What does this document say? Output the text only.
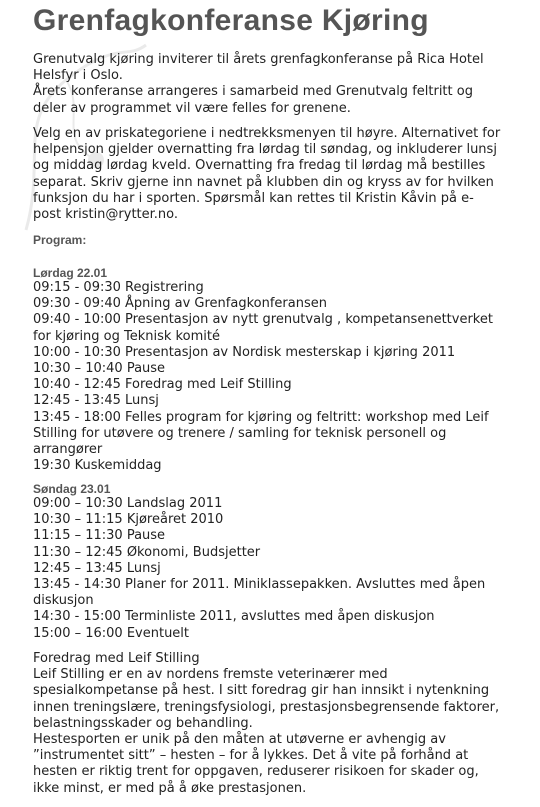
Grenfagkonferanse Kjøring
Grenutvalg kjøring inviterer til årets grenfagkonferanse på Rica Hotel
Helsfyr i Oslo.
Årets konferanse arrangeres i samarbeid med Grenutvalg feltritt og
deler av programmet vil være felles for grenene.
Velg en av priskategoriene i nedtrekksmenyen til høyre. Alternativet for
helpensjon gjelder overnatting fra lørdag til søndag, og inkluderer lunsj
og middag lørdag kveld. Overnatting fra fredag til lørdag må bestilles
separat. Skriv gjerne inn navnet på klubben din og kryss av for hvilken
funksjon du har i sporten. Spørsmål kan rettes til Kristin Kåvin på e-
post kristin@rytter.no.
Program:
Lørdag 22.01
09:15 - 09:30 Registrering
09:30 - 09:40 Åpning av Grenfagkonferansen
09:40 - 10:00 Presentasjon av nytt grenutvalg , kompetansenettverket
for kjøring og Teknisk komité
10:00 - 10:30 Presentasjon av Nordisk mesterskap i kjøring 2011
10:30 – 10:40 Pause
10:40 - 12:45 Foredrag med Leif Stilling
12:45 - 13:45 Lunsj
13:45 - 18:00 Felles program for kjøring og feltritt: workshop med Leif
Stilling for utøvere og trenere / samling for teknisk personell og
arrangører
19:30 Kuskemiddag
Søndag 23.01
09:00 – 10:30 Landslag 2011
10:30 – 11:15 Kjøreåret 2010
11:15 – 11:30 Pause
11:30 – 12:45 Økonomi, Budsjetter
12:45 – 13:45 Lunsj
13:45 - 14:30 Planer for 2011. Miniklassepakken. Avsluttes med åpen
diskusjon
14:30 - 15:00 Terminliste 2011, avsluttes med åpen diskusjon
15:00 – 16:00 Eventuelt
Foredrag med Leif Stilling
Leif Stilling er en av nordens fremste veterinærer med
spesialkompetanse på hest. I sitt foredrag gir han innsikt i nytenkning
innen treningslære, treningsfysiologi, prestasjonsbegrensende faktorer,
belastningsskader og behandling.
Hestesporten er unik på den måten at utøverne er avhengig av
”instrumentet sitt” – hesten – for å lykkes. Det å vite på forhånd at
hesten er riktig trent for oppgaven, reduserer risikoen for skader og,
ikke minst, er med på å øke prestasjonen.
